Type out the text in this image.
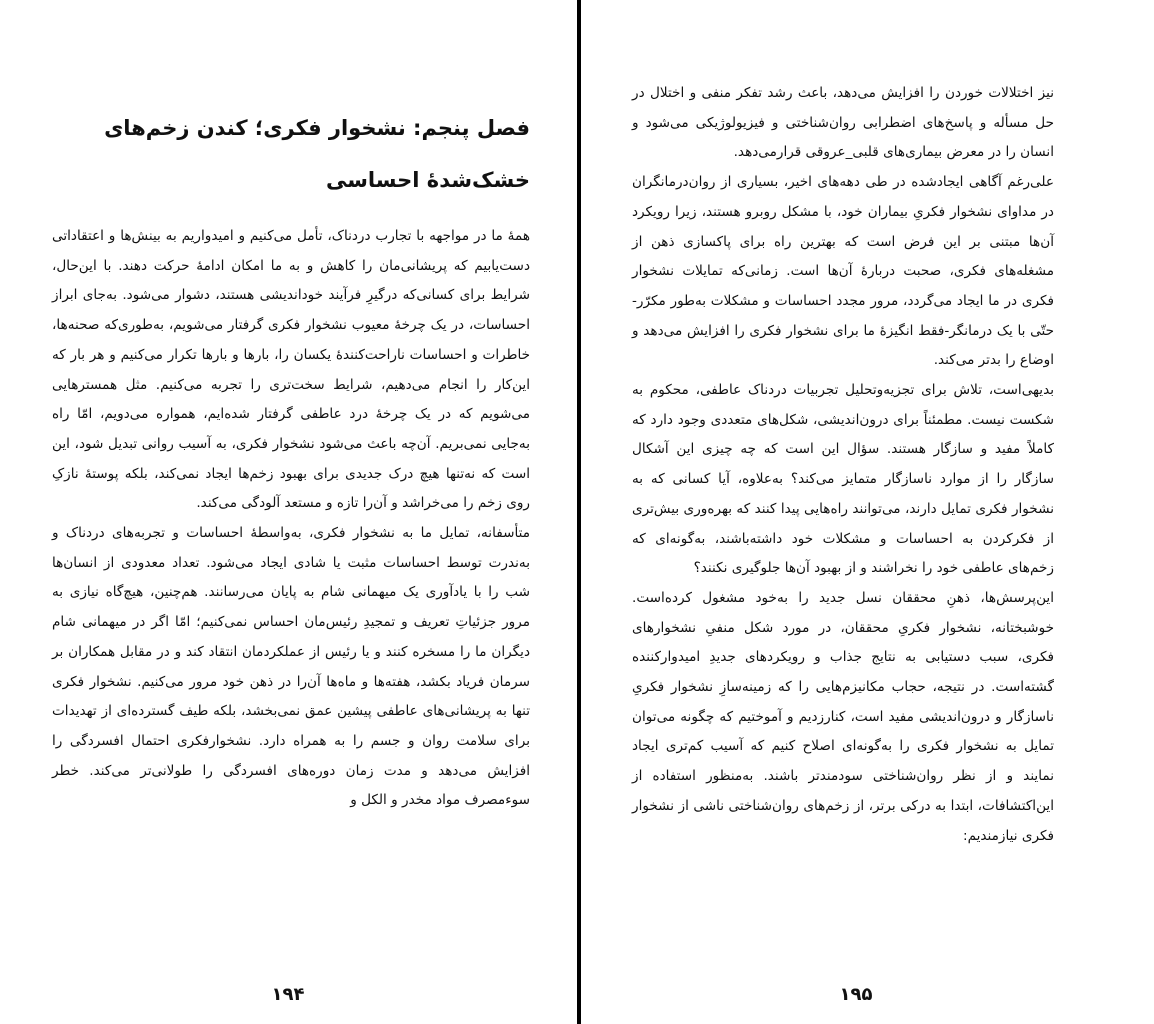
فصل پنجم: نشخوار فکری؛ کندن زخم‌های خشک‌شدهٔ احساسی

همهٔ ما در مواجهه با تجارب دردناک، تأمل می‌کنیم و امیدواریم به بینش‌ها و اعتقاداتی دست‌یابیم که پریشانی‌مان را کاهش و به ما امکان ادامهٔ حرکت دهند. با این‌حال، شرایط برای کسانی‌که درگیرِ فرآیند خوداندیشی هستند، دشوار می‌شود. به‌جای ابراز احساسات، در یک چرخهٔ معیوب نشخوار فکری گرفتار می‌شویم، به‌طوری‌که صحنه‌ها، خاطرات و احساسات ناراحت‌کنندهٔ یکسان را، بارها و بارها تکرار می‌کنیم و هر بار که این‌کار را انجام می‌دهیم، شرایط سخت‌تری را تجربه می‌کنیم. مثل همسترهایی می‌شویم که در یک چرخهٔ درد عاطفی گرفتار شده‌ایم، همواره می‌دویم، امّا راه به‌جایی نمی‌بریم. آن‌چه باعث می‌شود نشخوار فکری، به آسیب روانی تبدیل شود، این است که نه‌تنها هیچ درک جدیدی برای بهبود زخم‌ها ایجاد نمی‌کند، بلکه پوستهٔ نازکِ روی زخم را می‌خراشد و آن‌را تازه و مستعد آلودگی می‌کند.

متأسفانه، تمایل ما به نشخوار فکری، به‌واسطهٔ احساسات و تجربه‌های دردناک و به‌ندرت توسط احساسات مثبت یا شادی ایجاد می‌شود. تعداد معدودی از انسان‌ها شب را با یادآوری یک میهمانی شام به پایان می‌رسانند. هم‌چنین، هیچ‌گاه نیازی به مرور جزئیاتِ تعریف و تمجیدِ رئیس‌مان احساس نمی‌کنیم؛ امّا اگر در میهمانی شام دیگران ما را مسخره کنند و یا رئیس از عملکردمان انتقاد کند و در مقابل همکاران بر سرمان فریاد بکشد، هفته‌ها و ماه‌ها آن‌را در ذهن خود مرور می‌کنیم. نشخوار فکری تنها به پریشانی‌های عاطفی پیشین عمق نمی‌بخشد، بلکه طیف گسترده‌ای از تهدیدات برای سلامت روان و جسم را به همراه دارد. نشخوارفکری احتمال افسردگی را افزایش می‌دهد و مدت زمان دوره‌های افسردگی را طولانی‌تر می‌کند. خطر سوءمصرف مواد مخدر و الکل و

۱۹۴

نیز اختلالات خوردن را افزایش می‌دهد، باعث رشد تفکر منفی و اختلال در حل مسأله و پاسخ‌های اضطرابی روان‌شناختی و فیزیولوژیکی می‌شود و انسان را در معرض بیماری‌های قلبی_عروقی قرارمی‌دهد.

علی‌رغم آگاهی ایجادشده در طی دهه‌های اخیر، بسیاری از روان‌درمانگران در مداوای نشخوار فکریِ بیماران خود، با مشکل روبرو هستند، زیرا رویکرد آن‌ها مبتنی بر این فرض است که بهترین راه برای پاکسازی ذهن از مشغله‌های فکری، صحبت دربارهٔ آن‌ها است. زمانی‌که تمایلات نشخوار فکری در ما ایجاد می‌گردد، مرور مجدد احساسات و مشکلات به‌طور مکرّر-حتّی با یک درمانگر-فقط انگیزهٔ ما برای نشخوار فکری را افزایش می‌دهد و اوضاع را بدتر می‌کند.

بدیهی‌است، تلاش برای تجزیه‌وتحلیل تجربیات دردناک عاطفی، محکوم به شکست نیست. مطمئناً برای درون‌اندیشی، شکل‌های متعددی وجود دارد که کاملاً مفید و سازگار هستند. سؤال این است که چه چیزی این آشکال سازگار را از موارد ناسازگار متمایز می‌کند؟ به‌علاوه، آیا کسانی که به نشخوار فکری تمایل دارند، می‌توانند راه‌هایی پیدا کنند که بهره‌وری بیش‌تری از فکرکردن به احساسات و مشکلات خود داشته‌باشند، به‌گونه‌ای که زخم‌های عاطفی خود را نخراشند و از بهبود آن‌ها جلوگیری نکنند؟

این‌پرسش‌ها، ذهنِ محققان نسل جدید را به‌خود مشغول کرده‌است. خوشبختانه، نشخوار فکریِ محققان، در مورد شکل منفیِ نشخوارهای فکری، سبب دستیابی به نتایج جذاب و رویکردهای جدیدِ امیدوارکننده گشته‌است. در نتیجه، حجاب مکانیزم‌هایی را که زمینه‌سازِ نشخوار فکریِ ناسازگار و درون‌اندیشی مفید است، کنارزدیم و آموختیم که چگونه می‌توان تمایل به نشخوار فکری را به‌گونه‌ای اصلاح کنیم که آسیب کم‌تری ایجاد نمایند و از نظر روان‌شناختی سودمندتر باشند. به‌منظور استفاده از این‌اکتشافات، ابتدا به درکی برتر، از زخم‌های روان‌شناختی ناشی از نشخوار فکری نیازمندیم:

۱۹۵
